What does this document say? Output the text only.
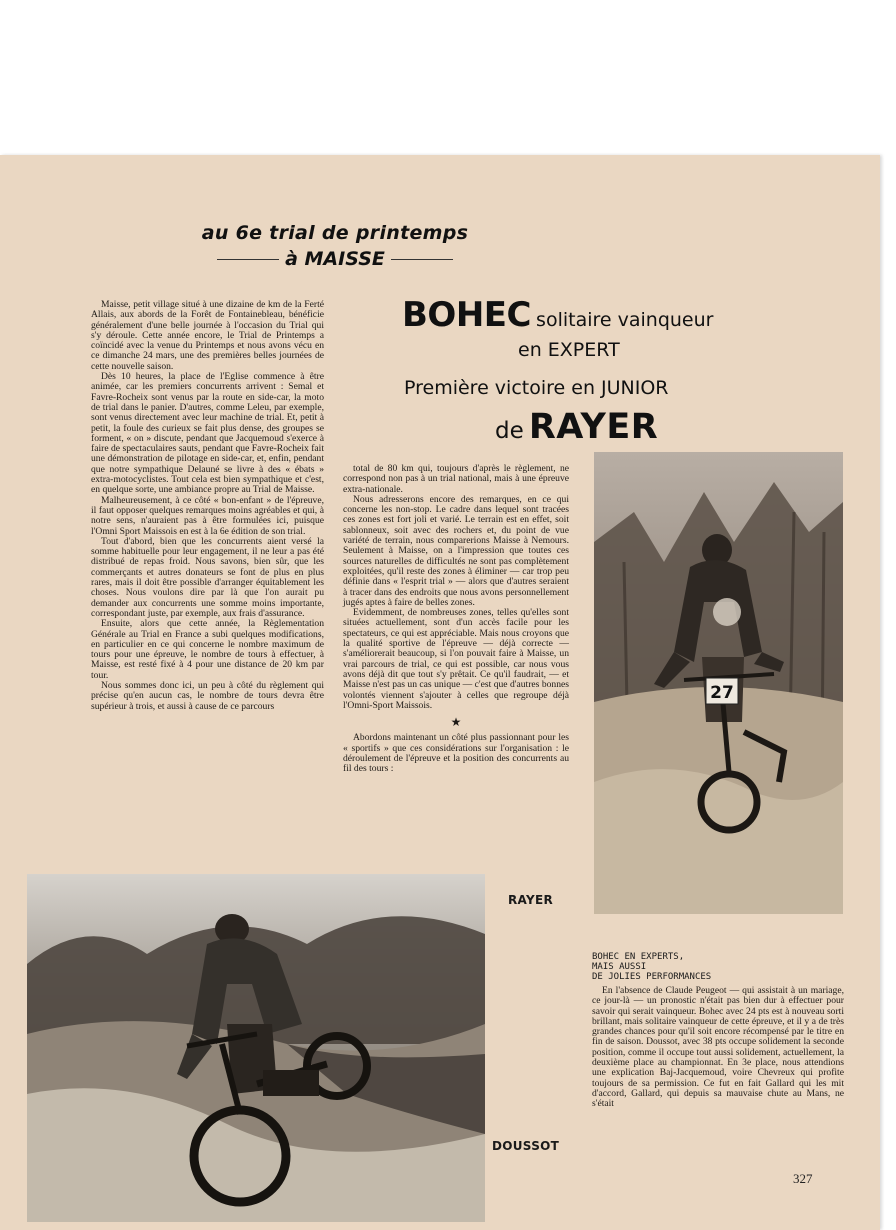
au 6e trial de printemps
à MAISSE
BOHEC solitaire vainqueur
en EXPERT
Première victoire en JUNIOR
de RAYER

Maisse, petit village situé à une dizaine de km de la Ferté Allais, aux abords de la Forêt de Fontainebleau, bénéficie généralement d'une belle journée à l'occasion du Trial qui s'y déroule. Cette année encore, le Trial de Printemps a coïncidé avec la venue du Printemps et nous avons vécu en ce dimanche 24 mars, une des premières belles journées de cette nouvelle saison.

Dès 10 heures, la place de l'Eglise commence à être animée, car les premiers concurrents arrivent : Semal et Favre-Rocheix sont venus par la route en side-car, la moto de trial dans le panier. D'autres, comme Leleu, par exemple, sont venus directement avec leur machine de trial. Et, petit à petit, la foule des curieux se fait plus dense, des groupes se forment, « on » discute, pendant que Jacquemoud s'exerce à faire de spectaculaires sauts, pendant que Favre-Rocheix fait une démonstration de pilotage en side-car, et, enfin, pendant que notre sympathique Delauné se livre à des « ébats » extra-motocyclistes. Tout cela est bien sympathique et c'est, en quelque sorte, une ambiance propre au Trial de Maisse.

Malheureusement, à ce côté « bon-enfant » de l'épreuve, il faut opposer quelques remarques moins agréables et qui, à notre sens, n'auraient pas à être formulées ici, puisque l'Omni Sport Maissois en est à la 6e édition de son trial.

Tout d'abord, bien que les concurrents aient versé la somme habituelle pour leur engagement, il ne leur a pas été distribué de repas froid. Nous savons, bien sûr, que les commerçants et autres donateurs se font de plus en plus rares, mais il doit être possible d'arranger équitablement les choses. Nous voulons dire par là que l'on aurait pu demander aux concurrents une somme moins importante, correspondant juste, par exemple, aux frais d'assurance.

Ensuite, alors que cette année, la Règlementation Générale au Trial en France a subi quelques modifications, en particulier en ce qui concerne le nombre maximum de tours pour une épreuve, le nombre de tours à effectuer, à Maisse, est resté fixé à 4 pour une distance de 20 km par tour.

Nous sommes donc ici, un peu à côté du règlement qui précise qu'en aucun cas, le nombre de tours devra être supérieur à trois, et aussi à cause de ce parcours

total de 80 km qui, toujours d'après le règlement, ne correspond non pas à un trial national, mais à une épreuve extra-nationale.

Nous adresserons encore des remarques, en ce qui concerne les non-stop. Le cadre dans lequel sont tracées ces zones est fort joli et varié. Le terrain est en effet, soit sablonneux, soit avec des rochers et, du point de vue variété de terrain, nous comparerions Maisse à Nemours. Seulement à Maisse, on a l'impression que toutes ces sources naturelles de difficultés ne sont pas complètement exploitées, qu'il reste des zones à éliminer — car trop peu définie dans « l'esprit trial » — alors que d'autres seraient à tracer dans des endroits que nous avons personnellement jugés aptes à faire de belles zones.

Evidemment, de nombreuses zones, telles qu'elles sont situées actuellement, sont d'un accès facile pour les spectateurs, ce qui est appréciable. Mais nous croyons que la qualité sportive de l'épreuve — déjà correcte — s'améliorerait beaucoup, si l'on pouvait faire à Maisse, un vrai parcours de trial, ce qui est possible, car nous vous avons déjà dit que tout s'y prêtait. Ce qu'il faudrait, — et Maisse n'est pas un cas unique — c'est que d'autres bonnes volontés viennent s'ajouter à celles que regroupe déjà l'Omni-Sport Maissois.

★

Abordons maintenant un côté plus passionnant pour les « sportifs » que ces considérations sur l'organisation : le déroulement de l'épreuve et la position des concurrents au fil des tours :

27
RAYER
DOUSSOT
BOHEC EN EXPERTS,
MAIS AUSSI
DE JOLIES PERFORMANCES

En l'absence de Claude Peugeot — qui assistait à un mariage, ce jour-là — un pronostic n'était pas bien dur à effectuer pour savoir qui serait vainqueur. Bohec avec 24 pts est à nouveau sorti brillant, mais solitaire vainqueur de cette épreuve, et il y a de très grandes chances pour qu'il soit encore récompensé par le titre en fin de saison. Doussot, avec 38 pts occupe solidement la seconde position, comme il occupe tout aussi solidement, actuellement, la deuxième place au championnat. En 3e place, nous attendions une explication Baj-Jacquemoud, voire Chevreux qui profite toujours de sa permission. Ce fut en fait Gallard qui les mit d'accord, Gallard, qui depuis sa mauvaise chute au Mans, ne s'était

327
